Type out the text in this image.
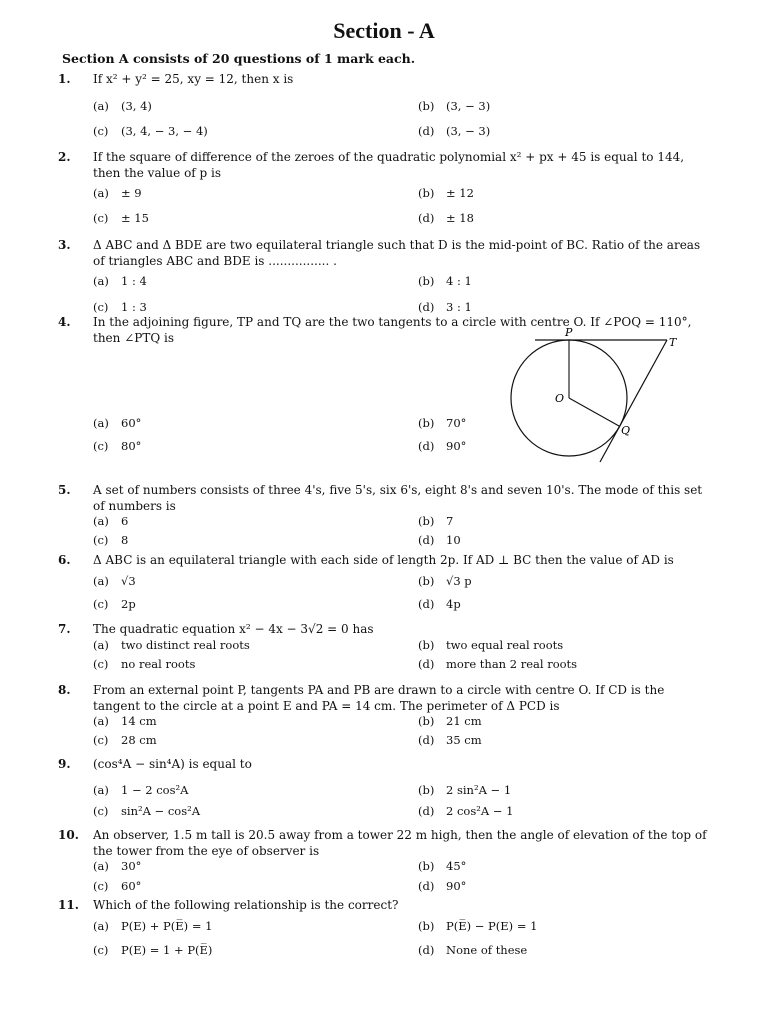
Section - A
Section A consists of 20 questions of 1 mark each.
1. If x² + y² = 25, xy = 12, then x is
(a) (3, 4)	(b) (3, − 3)
(c) (3, 4, − 3, − 4)	(d) (3, − 3)
2. If the square of difference of the zeroes of the quadratic polynomial x² + px + 45 is equal to 144, then the value of p is
(a) ± 9	(b) ± 12
(c) ± 15	(d) ± 18
3. Δ ABC and Δ BDE are two equilateral triangle such that D is the mid-point of BC. Ratio of the areas of triangles ABC and BDE is ................ .
(a) 1 : 4	(b) 4 : 1
(c) 1 : 3	(d) 3 : 1
4. In the adjoining figure, TP and TQ are the two tangents to a circle with centre O. If ∠POQ = 110°, then ∠PTQ is
(a) 60°	(b) 70°
(c) 80°	(d) 90°
P
T
O
Q
5. A set of numbers consists of three 4's, five 5's, six 6's, eight 8's and seven 10's. The mode of this set of numbers is
(a) 6	(b) 7
(c) 8	(d) 10
6. Δ ABC is an equilateral triangle with each side of length 2p. If AD ⊥ BC then the value of AD is
(a) √3	(b) √3 p
(c) 2p	(d) 4p
7. The quadratic equation x² − 4x − 3√2 = 0 has
(a) two distinct real roots	(b) two equal real roots
(c) no real roots	(d) more than 2 real roots
8. From an external point P, tangents PA and PB are drawn to a circle with centre O. If CD is the tangent to the circle at a point E and PA = 14 cm. The perimeter of Δ PCD is
(a) 14 cm	(b) 21 cm
(c) 28 cm	(d) 35 cm
9. (cos⁴A − sin⁴A) is equal to
(a) 1 − 2 cos²A	(b) 2 sin²A − 1
(c) sin²A − cos²A	(d) 2 cos²A − 1
10. An observer, 1.5 m tall is 20.5 away from a tower 22 m high, then the angle of elevation of the top of the tower from the eye of observer is
(a) 30°	(b) 45°
(c) 60°	(d) 90°
11. Which of the following relationship is the correct?
(a) P(E) + P(E̅) = 1	(b) P(E̅) − P(E) = 1
(c) P(E) = 1 + P(E̅)	(d) None of these
